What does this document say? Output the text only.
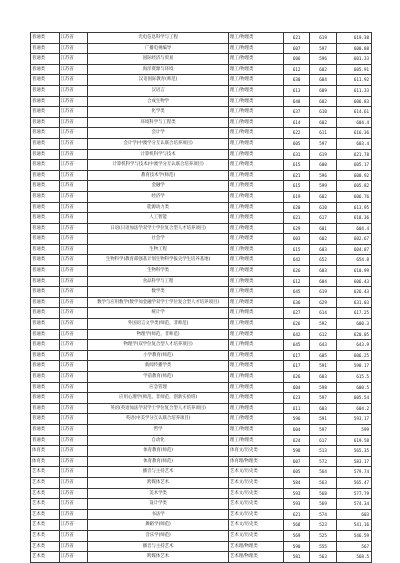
普通类	江苏省	光电信息科学与工程	理工/物理类	621	619	619.38
普通类	江苏省	广播电视编导	理工/物理类	607	597	600.88
普通类	江苏省	国际经济与贸易	理工/物理类	606	596	601.33
普通类	江苏省	海洋资源与环境	理工/物理类	612	602	605.91
普通类	江苏省	汉语国际教育(师范)	理工/物理类	630	604	611.92
普通类	江苏省	汉语言	理工/物理类	613	609	611.33
普通类	江苏省	合成生物学	理工/物理类	648	602	606.83
普通类	江苏省	化学类	理工/物理类	637	610	614.61
普通类	江苏省	环境科学与工程类	理工/物理类	614	602	604.4
普通类	江苏省	会计学	理工/物理类	622	611	616.36
普通类	江苏省	会计学(中澳学分互认联合培养项目)	理工/物理类	605	597	603.4
普通类	江苏省	计算机科学与技术	理工/物理类	631	619	621.78
普通类	江苏省	计算机科学与技术(中澳学分互认联合培养项目)	理工/物理类	615	600	605.17
普通类	江苏省	教育技术学(师范)	理工/物理类	621	596	600.92
普通类	江苏省	金融学	理工/物理类	615	599	605.82
普通类	江苏省	经济学	理工/物理类	619	602	606.76
普通类	江苏省	能源动力类	理工/物理类	620	610	613.95
普通类	江苏省	人工智能	理工/物理类	621	617	618.36
普通类	江苏省	日语(日语加法学双学士学位复合型人才培养项目)	理工/物理类	629	601	604.4
普通类	江苏省	社会学	理工/物理类	603	602	602.67
普通类	江苏省	生物工程	理工/物理类	615	603	604.87
普通类	江苏省	生物科学(教育部强基计划生物科学拔尖学生培养基地)	理工/物理类	642	652	654.8
普通类	江苏省	生物科学类	理工/物理类	626	603	610.99
普通类	江苏省	食品科学与工程	理工/物理类	612	604	606.43
普通类	江苏省	数学类	理工/物理类	645	619	626.43
普通类	江苏省	数学与应用数学(数学加金融学双学士学位复合型人才培养项目)	理工/物理类	636	629	631.03
普通类	江苏省	统计学	理工/物理类	627	614	617.25
普通类	江苏省	外国语言文学类(师范、非师范)	理工/物理类	626	592	600.3
普通类	江苏省	物理学(师范、非师范)	理工/物理类	642	612	620.05
普通类	江苏省	物理学(双学位复合型人才培养项目)	理工/物理类	645	643	643.9
普通类	江苏省	小学教育(师范)	理工/物理类	617	605	606.25
普通类	江苏省	新闻传播学类	理工/物理类	617	591	598.17
普通类	江苏省	学前教育(师范)	理工/物理类	626	603	615.5
普通类	江苏省	应急管理	理工/物理类	604	598	600.5
普通类	江苏省	应用心理学(师范、非师范、创新实验班)	理工/物理类	623	597	605.54
普通类	江苏省	英语(英语加法学双学士学位复合型人才培养项目)	理工/物理类	611	603	604.2
普通类	江苏省	英语(中美学分互认联合培养项目)	理工/物理类	596	591	593.17
普通类	江苏省	哲学	理工/物理类	604	597	599
普通类	江苏省	自动化	理工/物理类	624	617	619.58
体育类	江苏省	体育教育(师范)	体育文/历史类	598	513	565.35
体育类	江苏省	体育教育(师范)	体育理/物理类	607	572	583.17
艺术类	江苏省	播音与主持艺术	艺术文/历史类	605	564	579.74
艺术类	江苏省	跨媒体艺术	艺术文/历史类	584	563	565.47
艺术类	江苏省	美术学类	艺术文/历史类	593	568	577.79
艺术类	江苏省	设计学类	艺术文/历史类	593	569	574.34
艺术类	江苏省	书法学	艺术文/历史类	621	574	603
艺术类	江苏省	舞蹈学(师范)	艺术文/历史类	568	523	541.16
艺术类	江苏省	音乐学(师范)	艺术文/历史类	569	525	546.59
艺术类	江苏省	播音与主持艺术	艺术理/物理类	590	555	567
艺术类	江苏省	跨媒体艺术	艺术理/物理类	581	563	568.5
